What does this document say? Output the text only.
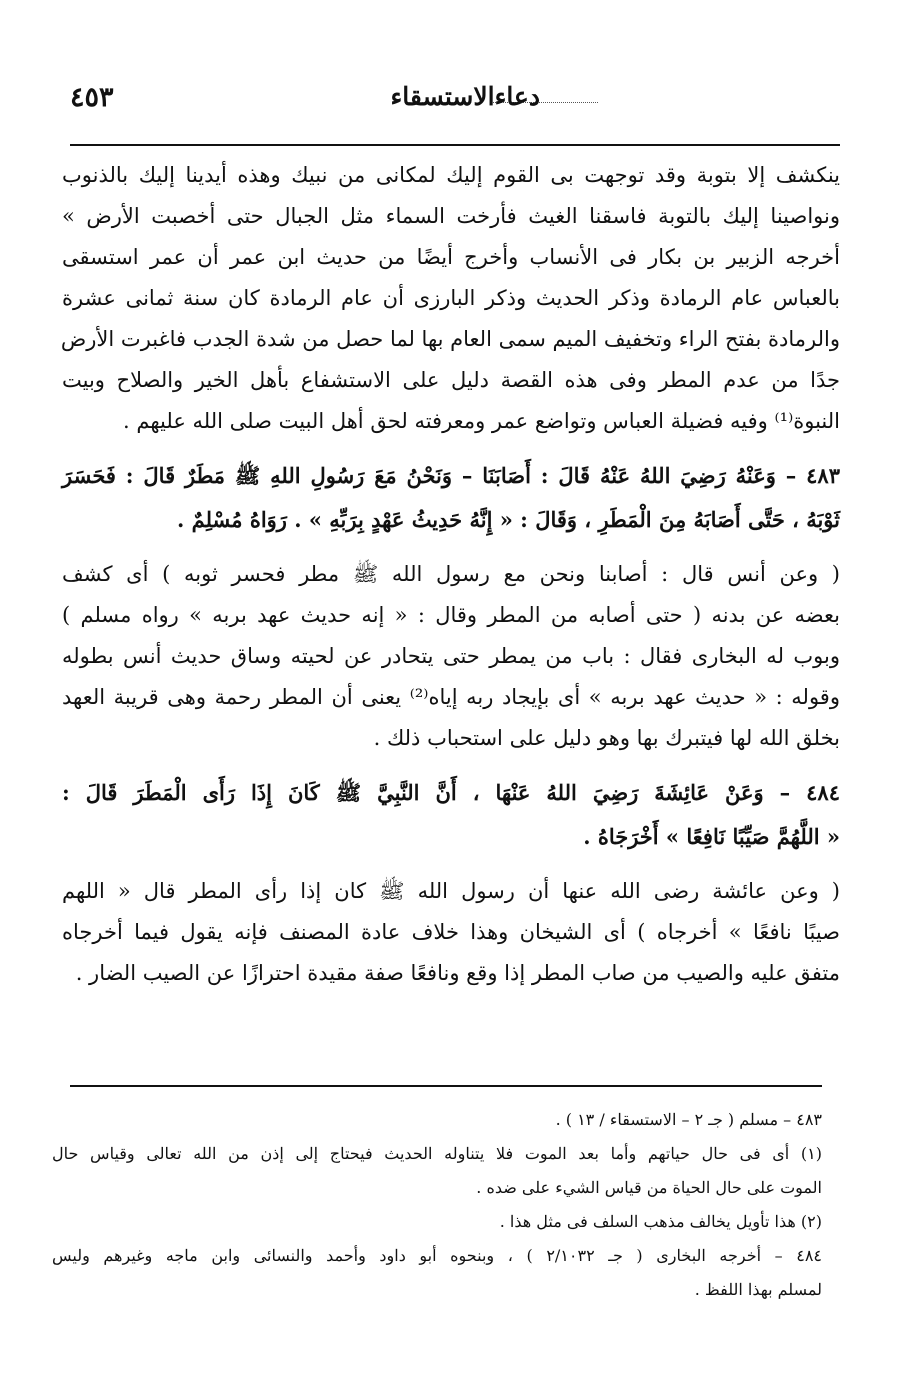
٤٥٣	دعاءالاستسقاء
ينكشف إلا بتوبة وقد توجهت بى القوم إليك لمكانى من نبيك وهذه أيدينا إليك بالذنوب
ونواصينا إليك بالتوبة فاسقنا الغيث فأرخت السماء مثل الجبال حتى أخصبت الأرض »
أخرجه الزبير بن بكار فى الأنساب وأخرج أيضًا من حديث ابن عمر أن عمر استسقى
بالعباس عام الرمادة وذكر الحديث وذكر البارزى أن عام الرمادة كان سنة ثمانى عشرة
والرمادة بفتح الراء وتخفيف الميم سمى العام بها لما حصل من شدة الجدب فاغبرت الأرض
جدًا من عدم المطر وفى هذه القصة دليل على الاستشفاع بأهل الخير والصلاح وبيت
النبوة⁽¹⁾ وفيه فضيلة العباس وتواضع عمر ومعرفته لحق أهل البيت صلى الله عليهم .
٤٨٣ – وَعَنْهُ رَضِيَ اللهُ عَنْهُ قَالَ : أَصَابَنَا – وَنَحْنُ مَعَ رَسُولِ اللهِ ﷺ مَطَرٌ قَالَ : فَحَسَرَ
ثَوْبَهُ ، حَتَّى أَصَابَهُ مِنَ الْمَطَرِ ، وَقَالَ : « إِنَّهُ حَدِيثُ عَهْدٍ بِرَبِّهِ » . رَوَاهُ مُسْلِمٌ .
( وعن أنس قال : أصابنا ونحن مع رسول الله ﷺ مطر فحسر ثوبه ) أى كشف
بعضه عن بدنه ( حتى أصابه من المطر وقال : « إنه حديث عهد بربه » رواه مسلم )
وبوب له البخارى فقال : باب من يمطر حتى يتحادر عن لحيته وساق حديث أنس بطوله
وقوله : « حديث عهد بربه » أى بإيجاد ربه إياه⁽²⁾ يعنى أن المطر رحمة وهى قريبة العهد
بخلق الله لها فيتبرك بها وهو دليل على استحباب ذلك .
٤٨٤ – وَعَنْ عَائِشَةَ رَضِيَ اللهُ عَنْهَا ، أَنَّ النَّبِيَّ ﷺ كَانَ إِذَا رَأَى الْمَطَرَ قَالَ :
« اللَّهُمَّ صَيِّبًا نَافِعًا » أَخْرَجَاهُ .
( وعن عائشة رضى الله عنها أن رسول الله ﷺ كان إذا رأى المطر قال « اللهم
صيبًا نافعًا » أخرجاه ) أى الشيخان وهذا خلاف عادة المصنف فإنه يقول فيما أخرجاه
متفق عليه والصيب من صاب المطر إذا وقع ونافعًا صفة مقيدة احترازًا عن الصيب الضار .
٤٨٣ – مسلم ( جـ ٢ – الاستسقاء / ١٣ ) .
(١) أى فى حال حياتهم وأما بعد الموت فلا يتناوله الحديث فيحتاج إلى إذن من الله تعالى وقياس حال
الموت على حال الحياة من قياس الشيء على ضده .
(٢) هذا تأويل يخالف مذهب السلف فى مثل هذا .
٤٨٤ – أخرجه البخارى ( جـ ٢/١٠٣٢ ) ، وبنحوه أبو داود وأحمد والنسائى وابن ماجه وغيرهم وليس
لمسلم بهذا اللفظ .
